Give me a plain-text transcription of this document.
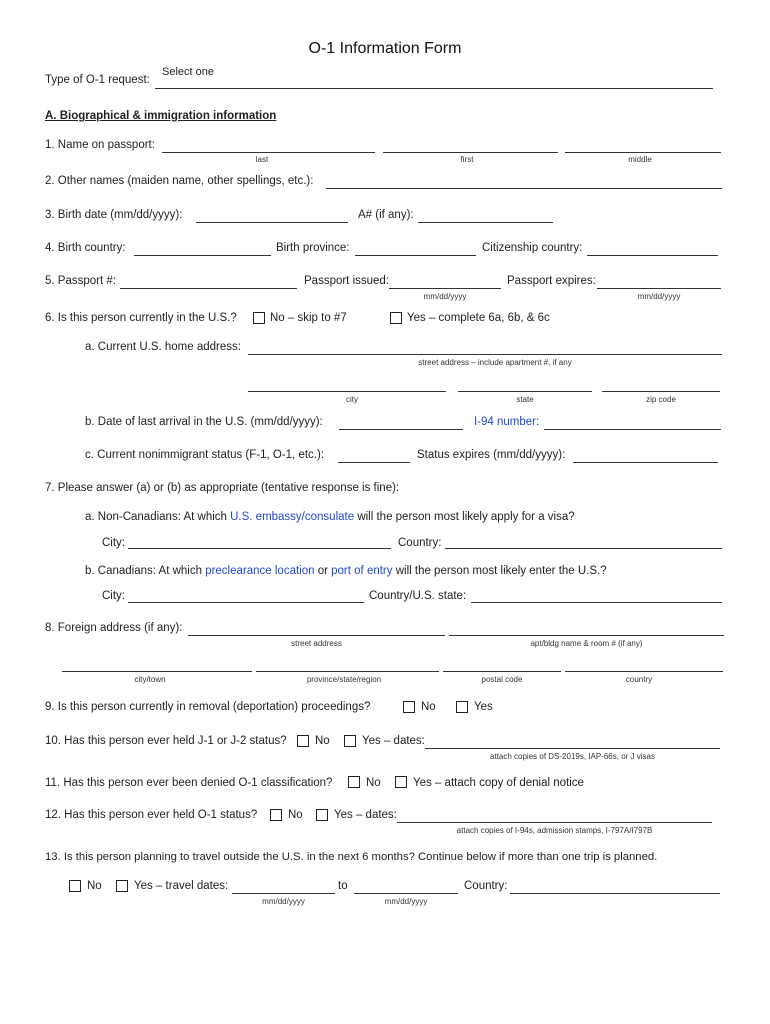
O-1 Information Form
Type of O-1 request:
Select one
A. Biographical & immigration information
1. Name on passport:
last	first	middle
2. Other names (maiden name, other spellings, etc.):
3. Birth date (mm/dd/yyyy):	A# (if any):
4. Birth country:	Birth province:	Citizenship country:
5. Passport #:	Passport issued:	Passport expires:
mm/dd/yyyy	mm/dd/yyyy
6. Is this person currently in the U.S.?	No – skip to #7	Yes – complete 6a, 6b, & 6c
a. Current U.S. home address:
street address – include apartment #, if any
city	state	zip code
b. Date of last arrival in the U.S. (mm/dd/yyyy):	I-94 number:
c. Current nonimmigrant status (F-1, O-1, etc.):	Status expires (mm/dd/yyyy):
7. Please answer (a) or (b) as appropriate (tentative response is fine):
a. Non-Canadians: At which U.S. embassy/consulate will the person most likely apply for a visa?
City:	Country:
b. Canadians: At which preclearance location or port of entry will the person most likely enter the U.S.?
City:	Country/U.S. state:
8. Foreign address (if any):
street address	apt/bldg name & room # (if any)
city/town	province/state/region	postal code	country
9. Is this person currently in removal (deportation) proceedings?	No	Yes
10. Has this person ever held J-1 or J-2 status? No	Yes – dates:
attach copies of DS-2019s, IAP-66s, or J visas
11. Has this person ever been denied O-1 classification?	No	Yes – attach copy of denial notice
12. Has this person ever held O-1 status?	No	Yes – dates:
attach copies of I-94s, admission stamps, I-797A/I797B
13. Is this person planning to travel outside the U.S. in the next 6 months? Continue below if more than one trip is planned.
No	Yes – travel dates:	to	Country:
mm/dd/yyyy	mm/dd/yyyy
